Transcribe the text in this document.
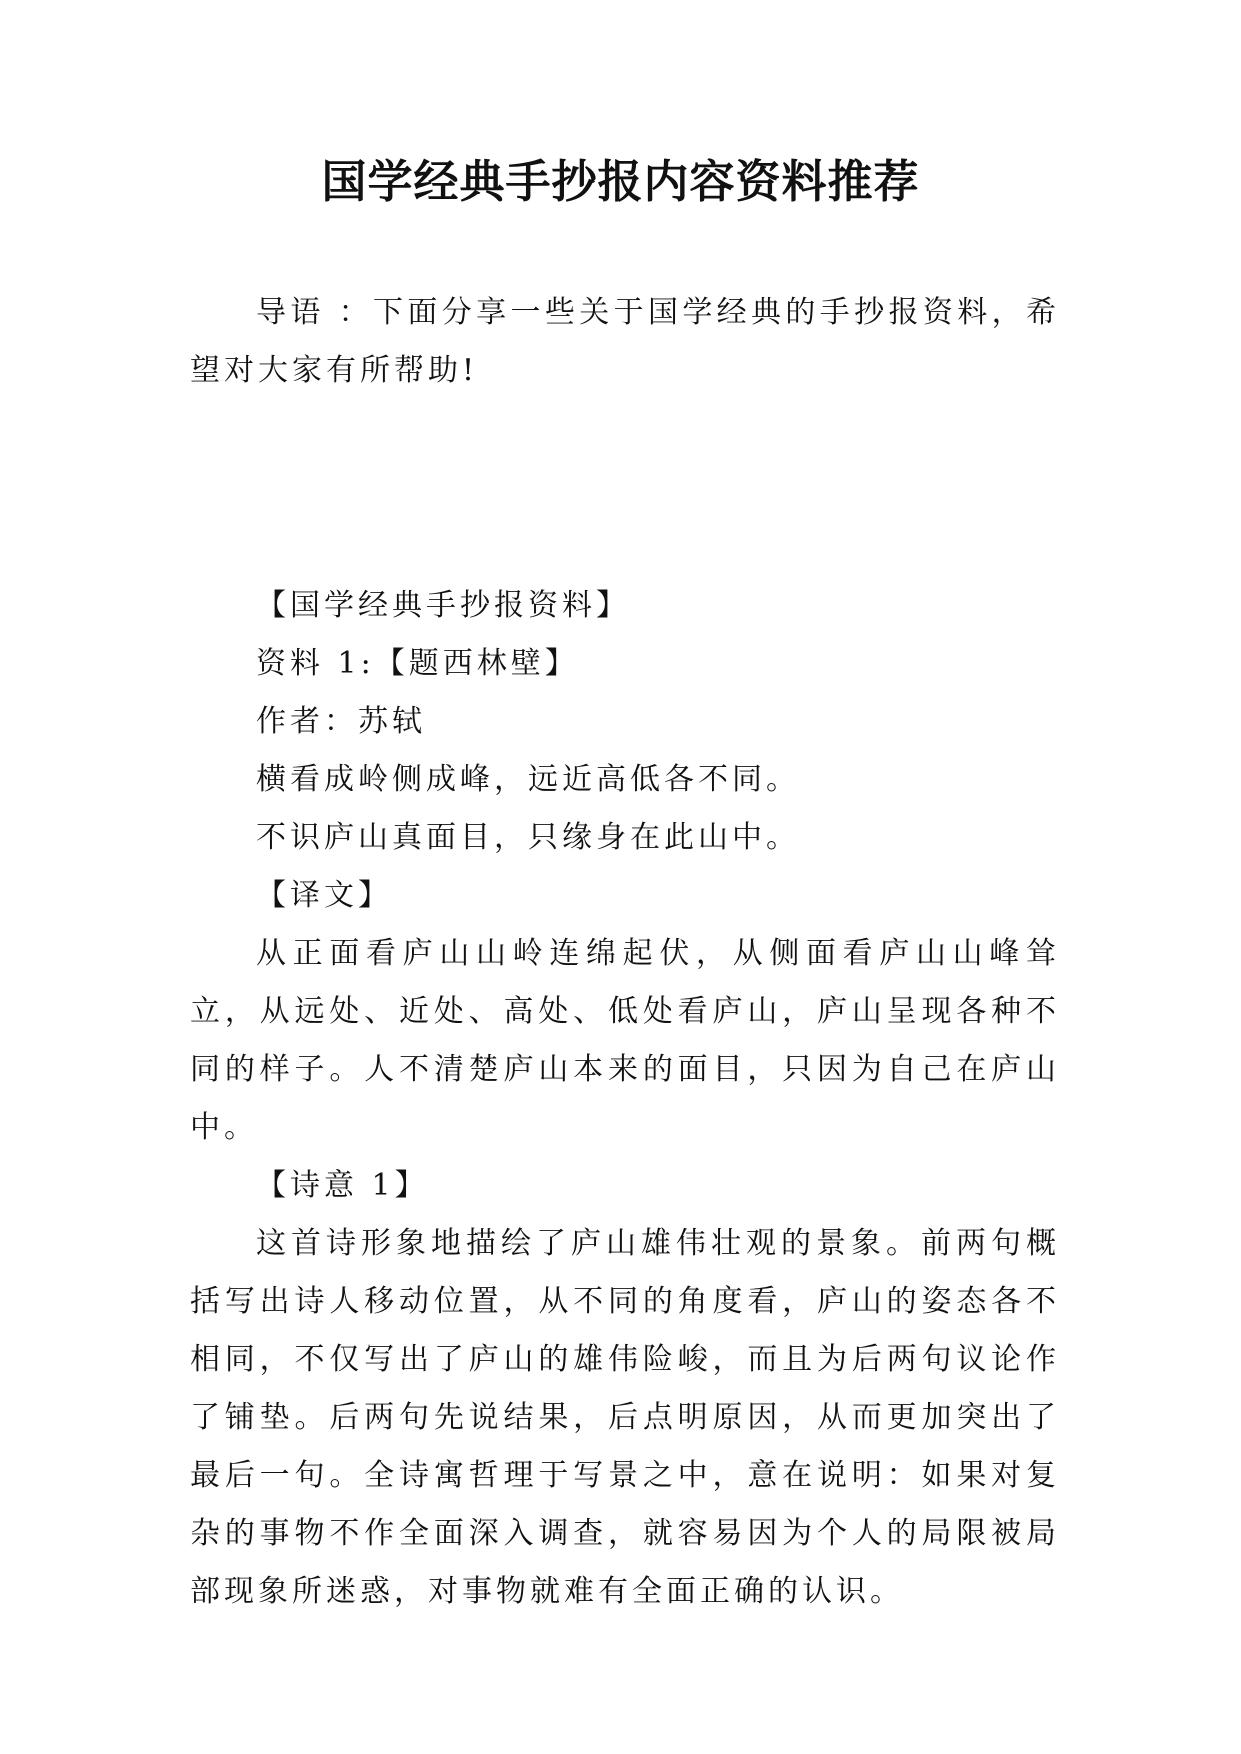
国学经典手抄报内容资料推荐

导语 ：下面分享一些关于国学经典的手抄报资料，希望对大家有所帮助!

【国学经典手抄报资料】

资料 1:【题西林壁】

作者：苏轼

横看成岭侧成峰，远近高低各不同。

不识庐山真面目，只缘身在此山中。

【译文】

从正面看庐山山岭连绵起伏，从侧面看庐山山峰耸立，从远处、近处、高处、低处看庐山，庐山呈现各种不同的样子。人不清楚庐山本来的面目，只因为自己在庐山中。

【诗意 1】

这首诗形象地描绘了庐山雄伟壮观的景象。前两句概括写出诗人移动位置，从不同的角度看，庐山的姿态各不相同，不仅写出了庐山的雄伟险峻，而且为后两句议论作了铺垫。后两句先说结果，后点明原因，从而更加突出了最后一句。全诗寓哲理于写景之中，意在说明：如果对复杂的事物不作全面深入调查，就容易因为个人的局限被局部现象所迷惑，对事物就难有全面正确的认识。
